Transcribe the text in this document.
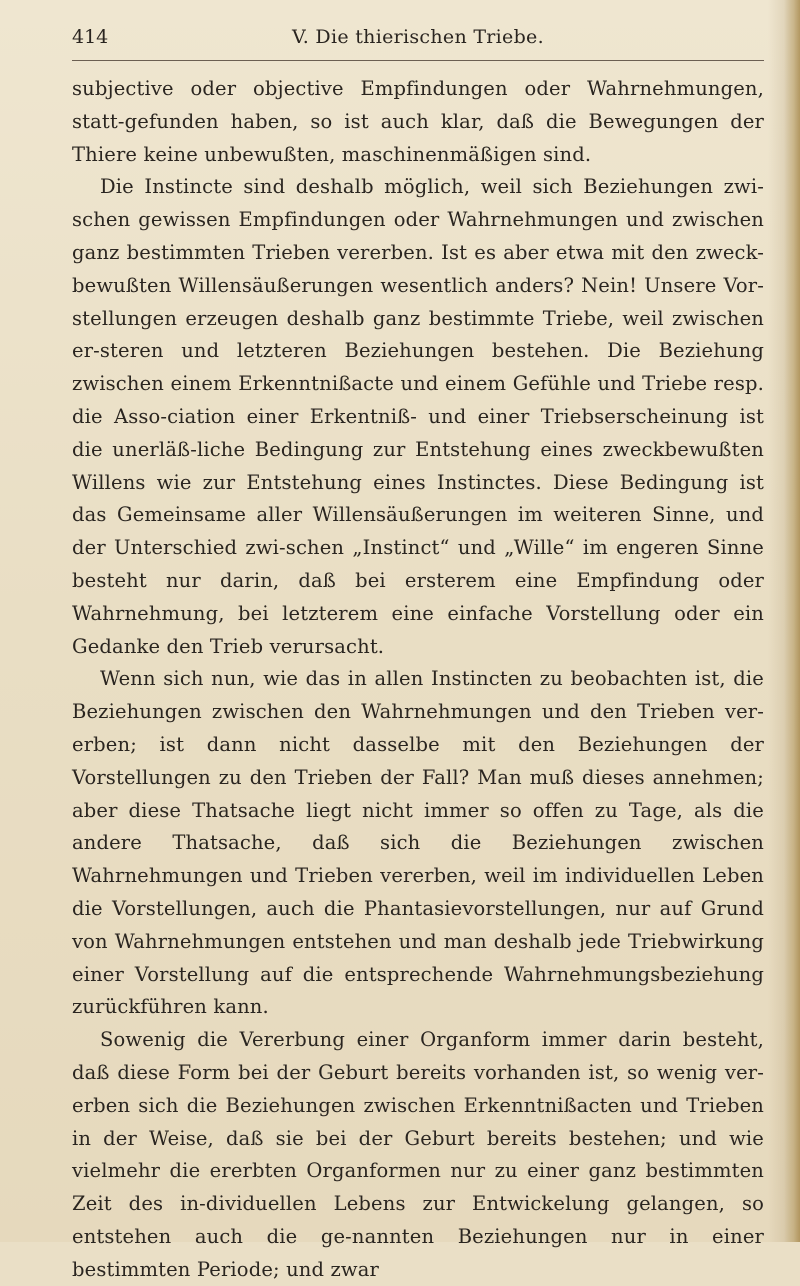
414	V. Die thierischen Triebe.

subjective oder objective Empfindungen oder Wahrnehmungen, statt-gefunden haben, so ist auch klar, daß die Bewegungen der Thiere keine unbewußten, maschinenmäßigen sind.

Die Instincte sind deshalb möglich, weil sich Beziehungen zwi-schen gewissen Empfindungen oder Wahrnehmungen und zwischen ganz bestimmten Trieben vererben. Ist es aber etwa mit den zweck-bewußten Willensäußerungen wesentlich anders? Nein! Unsere Vor-stellungen erzeugen deshalb ganz bestimmte Triebe, weil zwischen er-steren und letzteren Beziehungen bestehen. Die Beziehung zwischen einem Erkenntnißacte und einem Gefühle und Triebe resp. die Asso-ciation einer Erkentniß- und einer Triebserscheinung ist die unerläß-liche Bedingung zur Entstehung eines zweckbewußten Willens wie zur Entstehung eines Instinctes. Diese Bedingung ist das Gemeinsame aller Willensäußerungen im weiteren Sinne, und der Unterschied zwi-schen „Instinct“ und „Wille“ im engeren Sinne besteht nur darin, daß bei ersterem eine Empfindung oder Wahrnehmung, bei letzterem eine einfache Vorstellung oder ein Gedanke den Trieb verursacht.

Wenn sich nun, wie das in allen Instincten zu beobachten ist, die Beziehungen zwischen den Wahrnehmungen und den Trieben ver-erben; ist dann nicht dasselbe mit den Beziehungen der Vorstellungen zu den Trieben der Fall? Man muß dieses annehmen; aber diese Thatsache liegt nicht immer so offen zu Tage, als die andere Thatsache, daß sich die Beziehungen zwischen Wahrnehmungen und Trieben vererben, weil im individuellen Leben die Vorstellungen, auch die Phantasievorstellungen, nur auf Grund von Wahrnehmungen entstehen und man deshalb jede Triebwirkung einer Vorstellung auf die entsprechende Wahrnehmungsbeziehung zurückführen kann.

Sowenig die Vererbung einer Organform immer darin besteht, daß diese Form bei der Geburt bereits vorhanden ist, so wenig ver-erben sich die Beziehungen zwischen Erkenntnißacten und Trieben in der Weise, daß sie bei der Geburt bereits bestehen; und wie vielmehr die ererbten Organformen nur zu einer ganz bestimmten Zeit des in-dividuellen Lebens zur Entwickelung gelangen, so entstehen auch die ge-nannten Beziehungen nur in einer bestimmten Periode; und zwar
